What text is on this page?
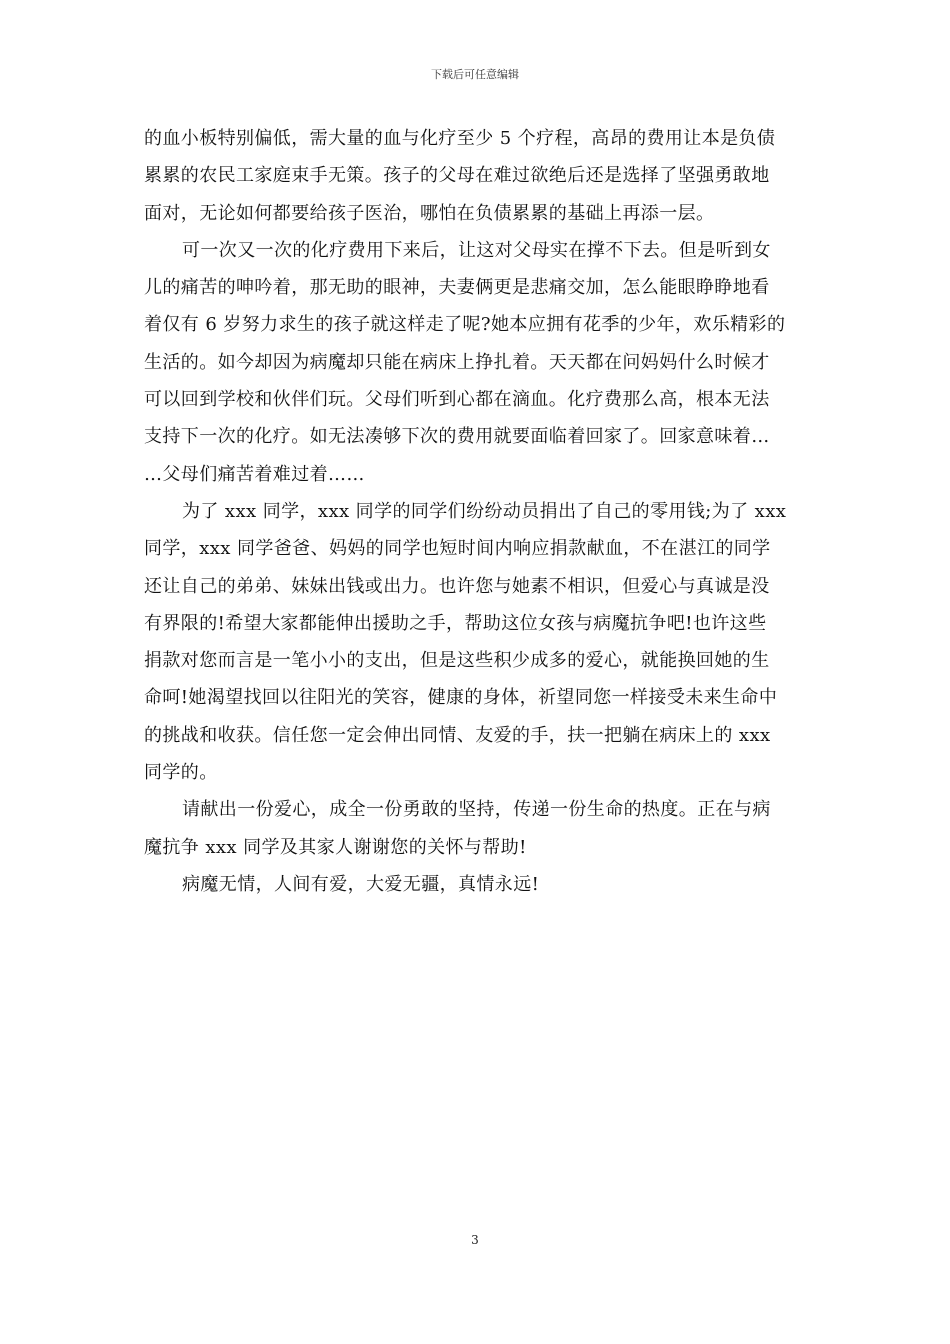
下载后可任意编辑
的血小板特别偏低，需大量的血与化疗至少 5 个疗程，高昂的费用让本是负债
累累的农民工家庭束手无策。孩子的父母在难过欲绝后还是选择了坚强勇敢地
面对，无论如何都要给孩子医治，哪怕在负债累累的基础上再添一层。
可一次又一次的化疗费用下来后，让这对父母实在撑不下去。但是听到女
儿的痛苦的呻吟着，那无助的眼神，夫妻俩更是悲痛交加，怎么能眼睁睁地看
着仅有 6 岁努力求生的孩子就这样走了呢?她本应拥有花季的少年，欢乐精彩的
生活的。如今却因为病魔却只能在病床上挣扎着。天天都在问妈妈什么时候才
可以回到学校和伙伴们玩。父母们听到心都在滴血。化疗费那么高，根本无法
支持下一次的化疗。如无法凑够下次的费用就要面临着回家了。回家意味着…
…父母们痛苦着难过着……
为了 xxx 同学，xxx 同学的同学们纷纷动员捐出了自己的零用钱;为了 xxx
同学，xxx 同学爸爸、妈妈的同学也短时间内响应捐款献血，不在湛江的同学
还让自己的弟弟、妹妹出钱或出力。也许您与她素不相识，但爱心与真诚是没
有界限的!希望大家都能伸出援助之手，帮助这位女孩与病魔抗争吧!也许这些
捐款对您而言是一笔小小的支出，但是这些积少成多的爱心，就能换回她的生
命呵!她渴望找回以往阳光的笑容，健康的身体，祈望同您一样接受未来生命中
的挑战和收获。信任您一定会伸出同情、友爱的手，扶一把躺在病床上的 xxx
同学的。
请献出一份爱心，成全一份勇敢的坚持，传递一份生命的热度。正在与病
魔抗争 xxx 同学及其家人谢谢您的关怀与帮助!
病魔无情，人间有爱，大爱无疆，真情永远!
3
